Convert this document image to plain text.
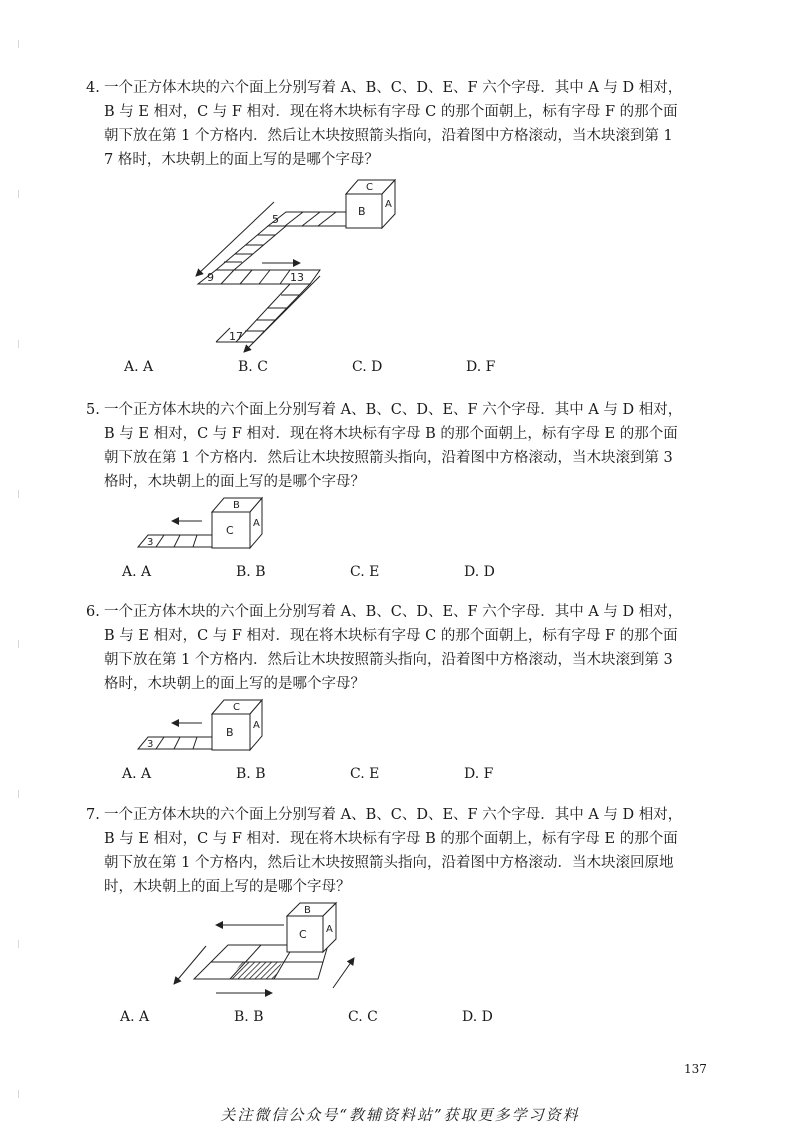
4. 一个正方体木块的六个面上分别写着 A、B、C、D、E、F 六个字母．其中 A 与 D 相对，
B 与 E 相对，C 与 F 相对．现在将木块标有字母 C 的那个面朝上，标有字母 F 的那个面
朝下放在第 1 个方格内．然后让木块按照箭头指向，沿着图中方格滚动，当木块滚到第 1
7 格时，木块朝上的面上写的是哪个字母？

A. A	B. C	C. D	D. F
5
9	13
17
C
B
A

5. 一个正方体木块的六个面上分别写着 A、B、C、D、E、F 六个字母．其中 A 与 D 相对，
B 与 E 相对，C 与 F 相对．现在将木块标有字母 B 的那个面朝上，标有字母 E 的那个面
朝下放在第 1 个方格内．然后让木块按照箭头指向，沿着图中方格滚动，当木块滚到第 3
格时，木块朝上的面上写的是哪个字母？

A. A	B. B	C. E	D. D
3
B
C
A

6. 一个正方体木块的六个面上分别写着 A、B、C、D、E、F 六个字母．其中 A 与 D 相对，
B 与 E 相对，C 与 F 相对．现在将木块标有字母 C 的那个面朝上，标有字母 F 的那个面
朝下放在第 1 个方格内．然后让木块按照箭头指向，沿着图中方格滚动，当木块滚到第 3
格时，木块朝上的面上写的是哪个字母？

A. A	B. B	C. E	D. F
3
C
B
A

7. 一个正方体木块的六个面上分别写着 A、B、C、D、E、F 六个字母．其中 A 与 D 相对，
B 与 E 相对，C 与 F 相对．现在将木块标有字母 B 的那个面朝上，标有字母 E 的那个面
朝下放在第 1 个方格内，然后让木块按照箭头指向，沿着图中方格滚动．当木块滚回原地
时，木块朝上的面上写的是哪个字母？

A. A	B. B	C. C	D. D
B
C A
137
关注微信公众号“教辅资料站”获取更多学习资料
